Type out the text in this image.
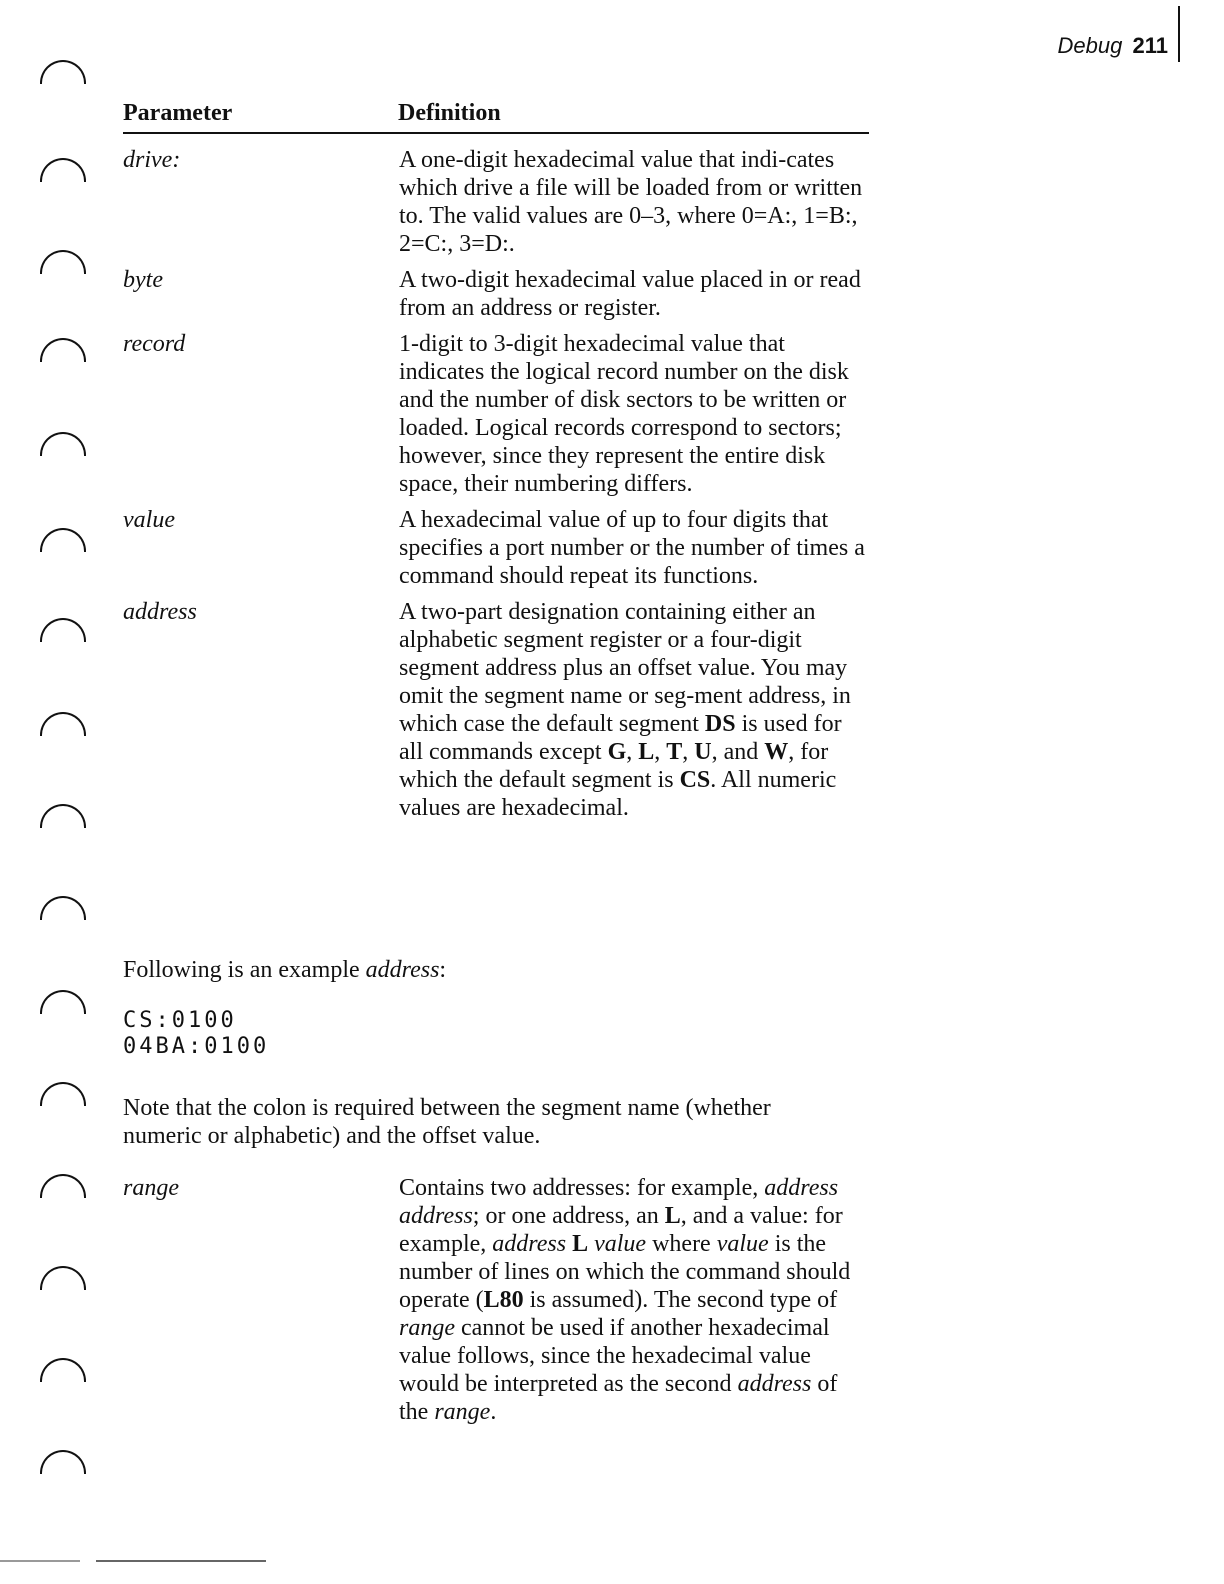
Debug 211
Parameter	Definition
drive:	A one-digit hexadecimal value that indi-cates which drive a file will be loaded from or written to. The valid values are 0–3, where 0=A:, 1=B:, 2=C:, 3=D:.
byte	A two-digit hexadecimal value placed in or read from an address or register.
record	1-digit to 3-digit hexadecimal value that indicates the logical record number on the disk and the number of disk sectors to be written or loaded. Logical records correspond to sectors; however, since they represent the entire disk space, their numbering differs.
value	A hexadecimal value of up to four digits that specifies a port number or the number of times a command should repeat its functions.
address	A two-part designation containing either an alphabetic segment register or a four-digit segment address plus an offset value. You may omit the segment name or seg-ment address, in which case the default segment DS is used for all commands except G, L, T, U, and W, for which the default segment is CS. All numeric values are hexadecimal.
Following is an example address:
CS:0100
04BA:0100
Note that the colon is required between the segment name (whether numeric or alphabetic) and the offset value.
range	Contains two addresses: for example, address address; or one address, an L, and a value: for example, address L value where value is the number of lines on which the command should operate (L80 is assumed). The second type of range cannot be used if another hexadecimal value follows, since the hexadecimal value would be interpreted as the second address of the range.
